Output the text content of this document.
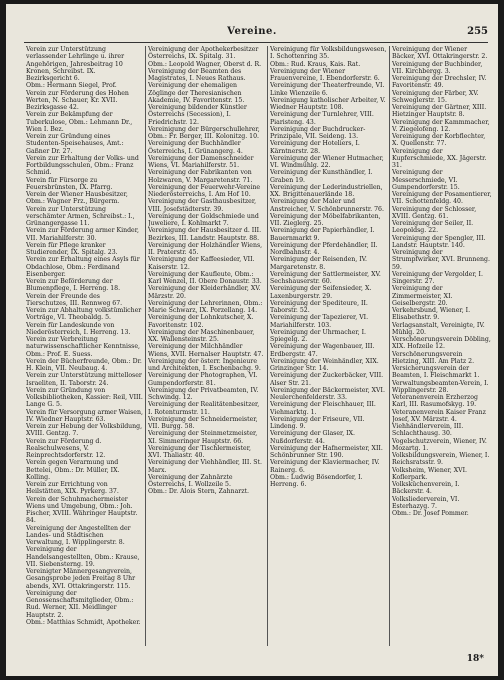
Vereine.	255

Verein zur Unterstützung verlassender Lehrlinge u. ihrer Angehörigen, Jahresbeitrag 10 Kronen, Schreibst. IX. Bezirksgericht 6.

Obm.: Hermann Siegel, Prof.

Verein zur Förderung des Hohen Werten, N. Schauer, Kr. XVII. Bezirksgasse 42.

Verein zur Bekämpfung der Tuberkulose, Obm.: Lehmann Dr., Wien I. Bez.

Verein zur Gründung eines Studenten-Speisehauses, Amt.: Gaßner Dr. 27.

Verein zur Erhaltung der Volks- und Fortbildungsschulen, Obm.: Franz Schmid.

Verein für Fürsorge zu Feuersbrünsten, IX. Pfarrg.

Verein der Wiener Hausbesitzer, Obm.: Wagner Frz., Bürgerm.

Verein zur Unterstützung verschämter Armen, Schreibst.: I., Grünangergasse 11.

Verein zur Förderung armer Kinder, VII. Mariahilferstr. 30.

Verein für Pflege kranker Studierender, IX. Spitalg. 23.

Verein zur Erhaltung eines Asyls für Obdachlose, Obm.: Ferdinand Eisenberger.

Verein zur Beförderung der Blumenpflege, I. Herreng. 18.

Verein der Freunde des Tierschutzes, III. Rennweg 67.

Verein zur Abhaltung volkstümlicher Vorträge, VI. Theobaldg. 5.

Verein für Landeskunde von Niederösterreich, I. Herreng. 13.

Verein zur Verbreitung naturwissenschaftlicher Kenntnisse, Obm.: Prof. E. Suess.

Verein der Bücherfreunde, Obm.: Dr. H. Klein, VII. Neubaug. 4.

Verein zur Unterstützung mittelloser Israeliten, II. Taborstr. 24.

Verein zur Gründung von Volksbibliotheken, Kassier: Reil, VIII. Lange G. 5.

Verein für Versorgung armer Waisen, IV. Wiedner Hauptstr. 63.

Verein zur Hebung der Volksbildung, XVIII. Gentzg. 7.

Verein zur Förderung d. Realschulwesens, V. Reinprechtsdorferstr. 12.

Verein gegen Verarmung und Bettelei, Obm.: Dr. Müller, IX. Kolling.

Verein zur Errichtung von Heilstätten, XIX. Pyrkerg. 37.

Verein der Schuhmachermeister Wiens und Umgebung, Obm.: Joh. Fischer, XVIII. Währinger Hauptstr. 84.

Vereinigung der Angestellten der Landes- und Städtischen Verwaltung, I. Wipplingerstr. 8.

Vereinigung der Handelsangestellten, Obm.: Krause, VII. Siebensterng. 19.

Vereinigter Männergesangverein, Gesangsprobe jeden Freitag 8 Uhr abends, XVI. Ottakringerstr. 115.

Vereinigung der Genossenschaftsmitglieder, Obm.: Rud. Werner, XII. Meidlinger Hauptstr. 2.

Obm.: Matthias Schmidt, Apotheker.

Vereinigung der Apothekerbesitzer Österreichs, IX. Spitalg. 31.

Obm.: Leopold Wagner, Oberst d. R.

Vereinigung der Beamten des Magistrates, I. Neues Rathaus.

Vereinigung der ehemaligen Zöglinge der Theresianischen Akademie, IV. Favoritenstr. 15.

Vereinigung bildender Künstler Österreichs (Secession), I. Friedrichstr. 12.

Vereinigung der Bürgerschullehrer, Obm.: Fr. Berger, III. Kolonitzg. 10.

Vereinigung der Buchhändler Österreichs, I. Grünangerg. 4.

Vereinigung der Damenschneider Wiens, VI. Mariahilferstr. 51.

Vereinigung der Fabrikanten von Holzwaren, V. Margaretenstr. 71.

Vereinigung der Feuerwehr-Vereine Niederösterreichs, I. Am Hof 10.

Vereinigung der Gasthausbesitzer, VIII. Josefstädterstr. 39.

Vereinigung der Goldschmiede und Juweliere, I. Kohlmarkt 7.

Vereinigung der Hausbesitzer d. III. Bezirkes, III. Landstr. Hauptstr. 88.

Vereinigung der Holzhändler Wiens, II. Praterstr. 45.

Vereinigung der Kaffeesieder, VII. Kaiserstr. 12.

Vereinigung der Kaufleute, Obm.: Karl Wenzel, II. Obere Donaustr. 33.

Vereinigung der Kleiderhändler, XV. Märzstr. 20.

Vereinigung der Lehrerinnen, Obm.: Marie Schwarz, IX. Porzellang. 14.

Vereinigung der Lohnkutscher, X. Favoritenstr. 102.

Vereinigung der Maschinenbauer, XX. Wallensteinstr. 25.

Vereinigung der Milchhändler Wiens, XVII. Hernalser Hauptstr. 47.

Vereinigung der österr. Ingenieure und Architekten, I. Eschenbachg. 9.

Vereinigung der Photographen, VI. Gumpendorferstr. 81.

Vereinigung der Privatbeamten, IV. Schwindg. 12.

Vereinigung der Realitätenbesitzer, I. Rotenturmstr. 11.

Vereinigung der Schneidermeister, VII. Burgg. 58.

Vereinigung der Steinmetzmeister, XI. Simmeringer Hauptstr. 66.

Vereinigung der Tischlermeister, XVI. Thaliastr. 40.

Vereinigung der Viehhändler, III. St. Marx.

Vereinigung der Zahnärzte Österreichs, I. Wollzeile 5.

Obm.: Dr. Alois Stern, Zahnarzt.

Vereinigung für Volksbildungswesen, I. Schottenring 35.

Obm.: Rud. Kraus, Kais. Rat.

Vereinigung der Wiener Frauenvereine, I. Ebendorferstr. 6.

Vereinigung der Theaterfreunde, VI. Linke Wienzeile 6.

Vereinigung katholischer Arbeiter, V. Wiedner Hauptstr. 108.

Vereinigung der Turnlehrer, VIII. Piaristeng. 43.

Vereinigung der Buchdrucker-Prinzipale, VII. Seideng. 13.

Vereinigung der Hoteliers, I. Kärntnerstr. 28.

Vereinigung der Wiener Hutmacher, VI. Windmühlg. 22.

Vereinigung der Kunsthändler, I. Graben 19.

Vereinigung der Lederindustriellen, XX. Brigittenauerlände 18.

Vereinigung der Maler und Anstreicher, V. Schönbrunnerstr. 76.

Vereinigung der Möbelfabrikanten, VII. Zieglerg. 25.

Vereinigung der Papierhändler, I. Bauernmarkt 9.

Vereinigung der Pferdehändler, II. Nordbahnstr. 4.

Vereinigung der Reisenden, IV. Margaretenstr. 8.

Vereinigung der Sattlermeister, XV. Sechshauserstr. 60.

Vereinigung der Seifensieder, X. Laxenburgerstr. 29.

Vereinigung der Spediteure, II. Taborstr. 52.

Vereinigung der Tapezierer, VI. Mariahilferstr. 103.

Vereinigung der Uhrmacher, I. Spiegelg. 2.

Vereinigung der Wagenbauer, III. Erdbergstr. 47.

Vereinigung der Weinhändler, XIX. Grinzinger Str. 14.

Vereinigung der Zuckerbäcker, VIII. Alser Str. 21.

Vereinigung der Bäckermeister, XVI. Neulerchenfelderstr. 33.

Vereinigung der Fleischhauer, III. Viehmarktg. 1.

Vereinigung der Friseure, VII. Lindeng. 9.

Vereinigung der Glaser, IX. Nußdorferstr. 44.

Vereinigung der Hafnermeister, XII. Schönbrunner Str. 190.

Vereinigung der Klaviermacher, IV. Rainerg. 6.

Obm.: Ludwig Bösendorfer, I. Herreng. 6.

Vereinigung der Wiener Bäcker, XVI. Ottakringerstr. 2.

Vereinigung der Buchbinder, VII. Kirchbergg. 3.

Vereinigung der Drechsler, IV. Favoritenstr. 49.

Vereinigung der Färber, XV. Schweglerstr. 15.

Vereinigung der Gärtner, XIII. Hietzinger Hauptstr. 8.

Vereinigung der Kammmacher, V. Ziegelofeng. 12.

Vereinigung der Korbflechter, X. Quellenstr. 77.

Vereinigung der Kupferschmiede, XX. Jägerstr. 31.

Vereinigung der Messerschmiede, VI. Gumpendorferstr. 15.

Vereinigung der Posamentierer, VII. Schottenfeldg. 40.

Vereinigung der Schlosser, XVIII. Gentzg. 61.

Vereinigung der Seiler, II. Leopoldsg. 22.

Vereinigung der Spengler, III. Landstr. Hauptstr. 140.

Vereinigung der Strumpfwirker, XVI. Brunneng. 59.

Vereinigung der Vergolder, I. Singerstr. 27.

Vereinigung der Zimmermeister, XI. Geiselbergstr. 20.

Verkehrsbund, Wiener, I. Elisabethstr. 9.

Verlagsanstalt, Vereinigte, IV. Mühlg. 20.

Verschönerungsverein Döbling, XIX. Hofzeile 12.

Verschönerungsverein Hietzing, XIII. Am Platz 2.

Versicherungsverein der Beamten, I. Fleischmarkt 1.

Verwaltungsbeamten-Verein, I. Wipplingerstr. 28.

Veteranenverein Erzherzog Karl, III. Rasumofskyg. 19.

Veteranenverein Kaiser Franz Josef, XV. Märzstr. 4.

Viehhändlerverein, III. Schlachthausg. 30.

Vogelschutzverein, Wiener, IV. Mozartg. 1.

Volksbildungsverein, Wiener, I. Reichsratsstr. 9.

Volksheim, Wiener, XVI. Koflerpark.

Volksküchenverein, I. Bäckerstr. 4.

Volksliederverein, VI. Esterhazyg. 7.

Obm.: Dr. Josef Pommer.

18*
